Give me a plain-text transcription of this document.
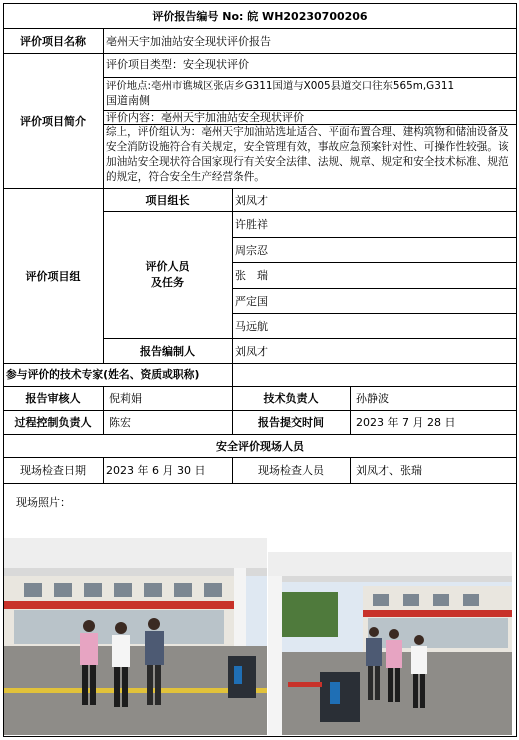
评价报告编号 No: 皖 WH20230700206
评价项目名称	亳州天宇加油站安全现状评价报告
评价项目简介
评价项目类型：安全现状评价
评价地点:亳州市谯城区张店乡G311国道与X005县道交口往东565m,G311
国道南侧
评价内容：亳州天宇加油站安全现状评价
综上，评价组认为：亳州天宇加油站选址适合、平面布置合理、建构筑物和储油设备及安全消防设施符合有关规定，安全管理有效，事故应急预案针对性、可操作性较强。该加油站安全现状符合国家现行有关安全法律、法规、规章、规定和安全技术标准、规范的规定，符合安全生产经营条件。
评价项目组
项目组长	刘凤才
评价人员
及任务
许胜祥
周宗忍
张　瑞
严定国
马远航
报告编制人	刘凤才
参与评价的技术专家(姓名、资质或职称)
报告审核人	倪莉娟	技术负责人	孙静波
过程控制负责人	陈宏	报告提交时间	2023 年 7 月 28 日
安全评价现场人员
现场检查日期	2023 年 6 月 30 日	现场检查人员	刘凤才、张瑞
现场照片：
